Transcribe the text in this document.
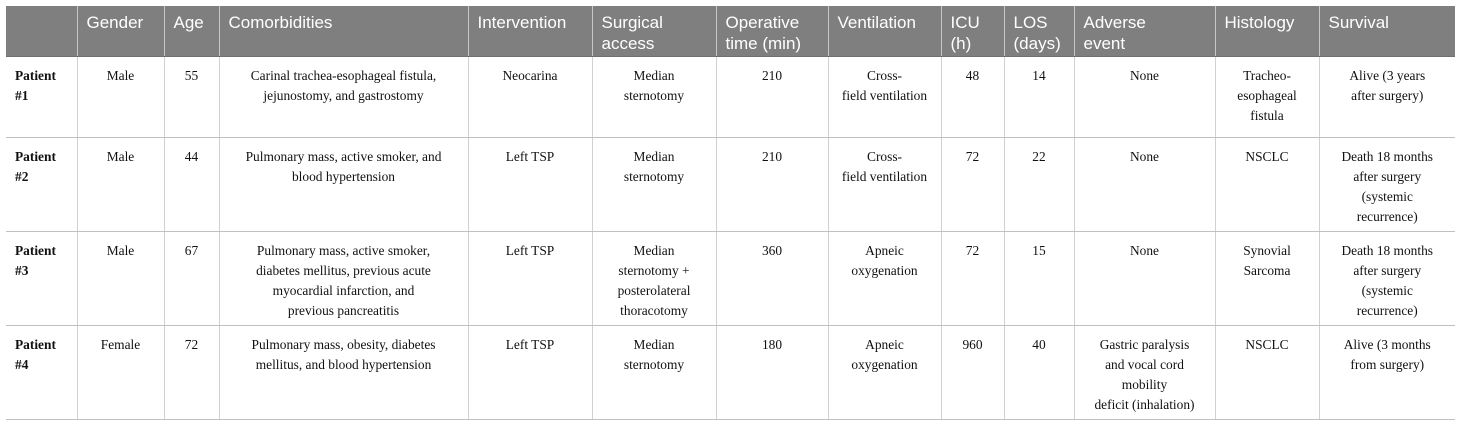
	Gender	Age	Comorbidities	Intervention	Surgical
access	Operative
time (min)	Ventilation	ICU
(h)	LOS
(days)	Adverse
event	Histology	Survival
Patient
#1	Male	55	Carinal trachea-esophageal fistula,
jejunostomy, and gastrostomy	Neocarina	Median
sternotomy	210	Cross-
field ventilation	48	14	None	Tracheo-
esophageal
fistula	Alive (3 years
after surgery)
Patient
#2	Male	44	Pulmonary mass, active smoker, and
blood hypertension	Left TSP	Median
sternotomy	210	Cross-
field ventilation	72	22	None	NSCLC	Death 18 months
after surgery
(systemic
recurrence)
Patient
#3	Male	67	Pulmonary mass, active smoker,
diabetes mellitus, previous acute
myocardial infarction, and
previous pancreatitis	Left TSP	Median
sternotomy +
posterolateral
thoracotomy	360	Apneic
oxygenation	72	15	None	Synovial
Sarcoma	Death 18 months
after surgery
(systemic
recurrence)
Patient
#4	Female	72	Pulmonary mass, obesity, diabetes
mellitus, and blood hypertension	Left TSP	Median
sternotomy	180	Apneic
oxygenation	960	40	Gastric paralysis
and vocal cord
mobility
deficit (inhalation)	NSCLC	Alive (3 months
from surgery)
